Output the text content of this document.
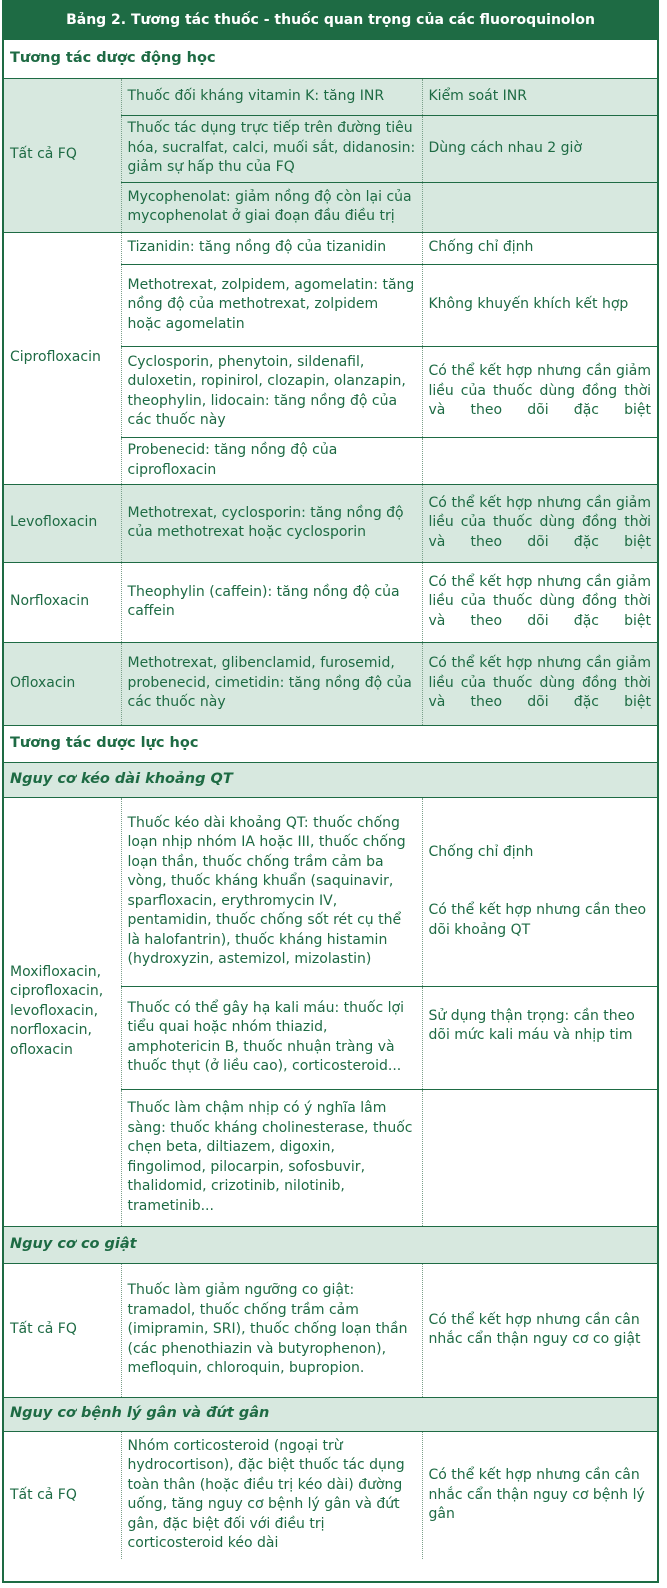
Bảng 2. Tương tác thuốc - thuốc quan trọng của các fluoroquinolon
Tương tác dược động học		
Tất cả FQ	Thuốc đối kháng vitamin K: tăng INR	Kiểm soát INR
	Thuốc tác dụng trực tiếp trên đường tiêu hóa, sucralfat, calci, muối sắt, didanosin: giảm sự hấp thu của FQ	Dùng cách nhau 2 giờ
	Mycophenolat: giảm nồng độ còn lại của mycophenolat ở giai đoạn đầu điều trị	
Ciprofloxacin	Tizanidin: tăng nồng độ của tizanidin	Chống chỉ định
	Methotrexat, zolpidem, agomelatin: tăng nồng độ của methotrexat, zolpidem hoặc agomelatin	Không khuyến khích kết hợp
	Cyclosporin, phenytoin, sildenafil, duloxetin, ropinirol, clozapin, olanzapin, theophylin, lidocain: tăng nồng độ của các thuốc này	Có thể kết hợp nhưng cần giảm liều của thuốc dùng đồng thời và theo dõi đặc biệt
	Probenecid: tăng nồng độ của ciprofloxacin	
Levofloxacin	Methotrexat, cyclosporin: tăng nồng độ của methotrexat hoặc cyclosporin	Có thể kết hợp nhưng cần giảm liều của thuốc dùng đồng thời và theo dõi đặc biệt
Norfloxacin	Theophylin (caffein): tăng nồng độ của caffein	Có thể kết hợp nhưng cần giảm liều của thuốc dùng đồng thời và theo dõi đặc biệt
Ofloxacin	Methotrexat, glibenclamid, furosemid, probenecid, cimetidin: tăng nồng độ của các thuốc này	Có thể kết hợp nhưng cần giảm liều của thuốc dùng đồng thời và theo dõi đặc biệt
Tương tác dược lực học		
Nguy cơ kéo dài khoảng QT		
Moxifloxacin, ciprofloxacin, levofloxacin, norfloxacin, ofloxacin	Thuốc kéo dài khoảng QT: thuốc chống loạn nhịp nhóm IA hoặc III, thuốc chống loạn thần, thuốc chống trầm cảm ba vòng, thuốc kháng khuẩn (saquinavir, sparfloxacin, erythromycin IV, pentamidin, thuốc chống sốt rét cụ thể là halofantrin), thuốc kháng histamin (hydroxyzin, astemizol, mizolastin)	Chống chỉ định
Có thể kết hợp nhưng cần theo dõi khoảng QT
	Thuốc có thể gây hạ kali máu: thuốc lợi tiểu quai hoặc nhóm thiazid, amphotericin B, thuốc nhuận tràng và thuốc thụt (ở liều cao), corticosteroid...	Sử dụng thận trọng: cần theo dõi mức kali máu và nhịp tim
	Thuốc làm chậm nhịp có ý nghĩa lâm sàng: thuốc kháng cholinesterase, thuốc chẹn beta, diltiazem, digoxin, fingolimod, pilocarpin, sofosbuvir, thalidomid, crizotinib, nilotinib, trametinib...	
Nguy cơ co giật		
Tất cả FQ	Thuốc làm giảm ngưỡng co giật: tramadol, thuốc chống trầm cảm (imipramin, SRI), thuốc chống loạn thần (các phenothiazin và butyrophenon), mefloquin, chloroquin, bupropion.	Có thể kết hợp nhưng cần cân nhắc cẩn thận nguy cơ co giật
Nguy cơ bệnh lý gân và đứt gân		
Tất cả FQ	Nhóm corticosteroid (ngoại trừ hydrocortison), đặc biệt thuốc tác dụng toàn thân (hoặc điều trị kéo dài) đường uống, tăng nguy cơ bệnh lý gân và đứt gân, đặc biệt đối với điều trị corticosteroid kéo dài	Có thể kết hợp nhưng cần cân nhắc cẩn thận nguy cơ bệnh lý gân
